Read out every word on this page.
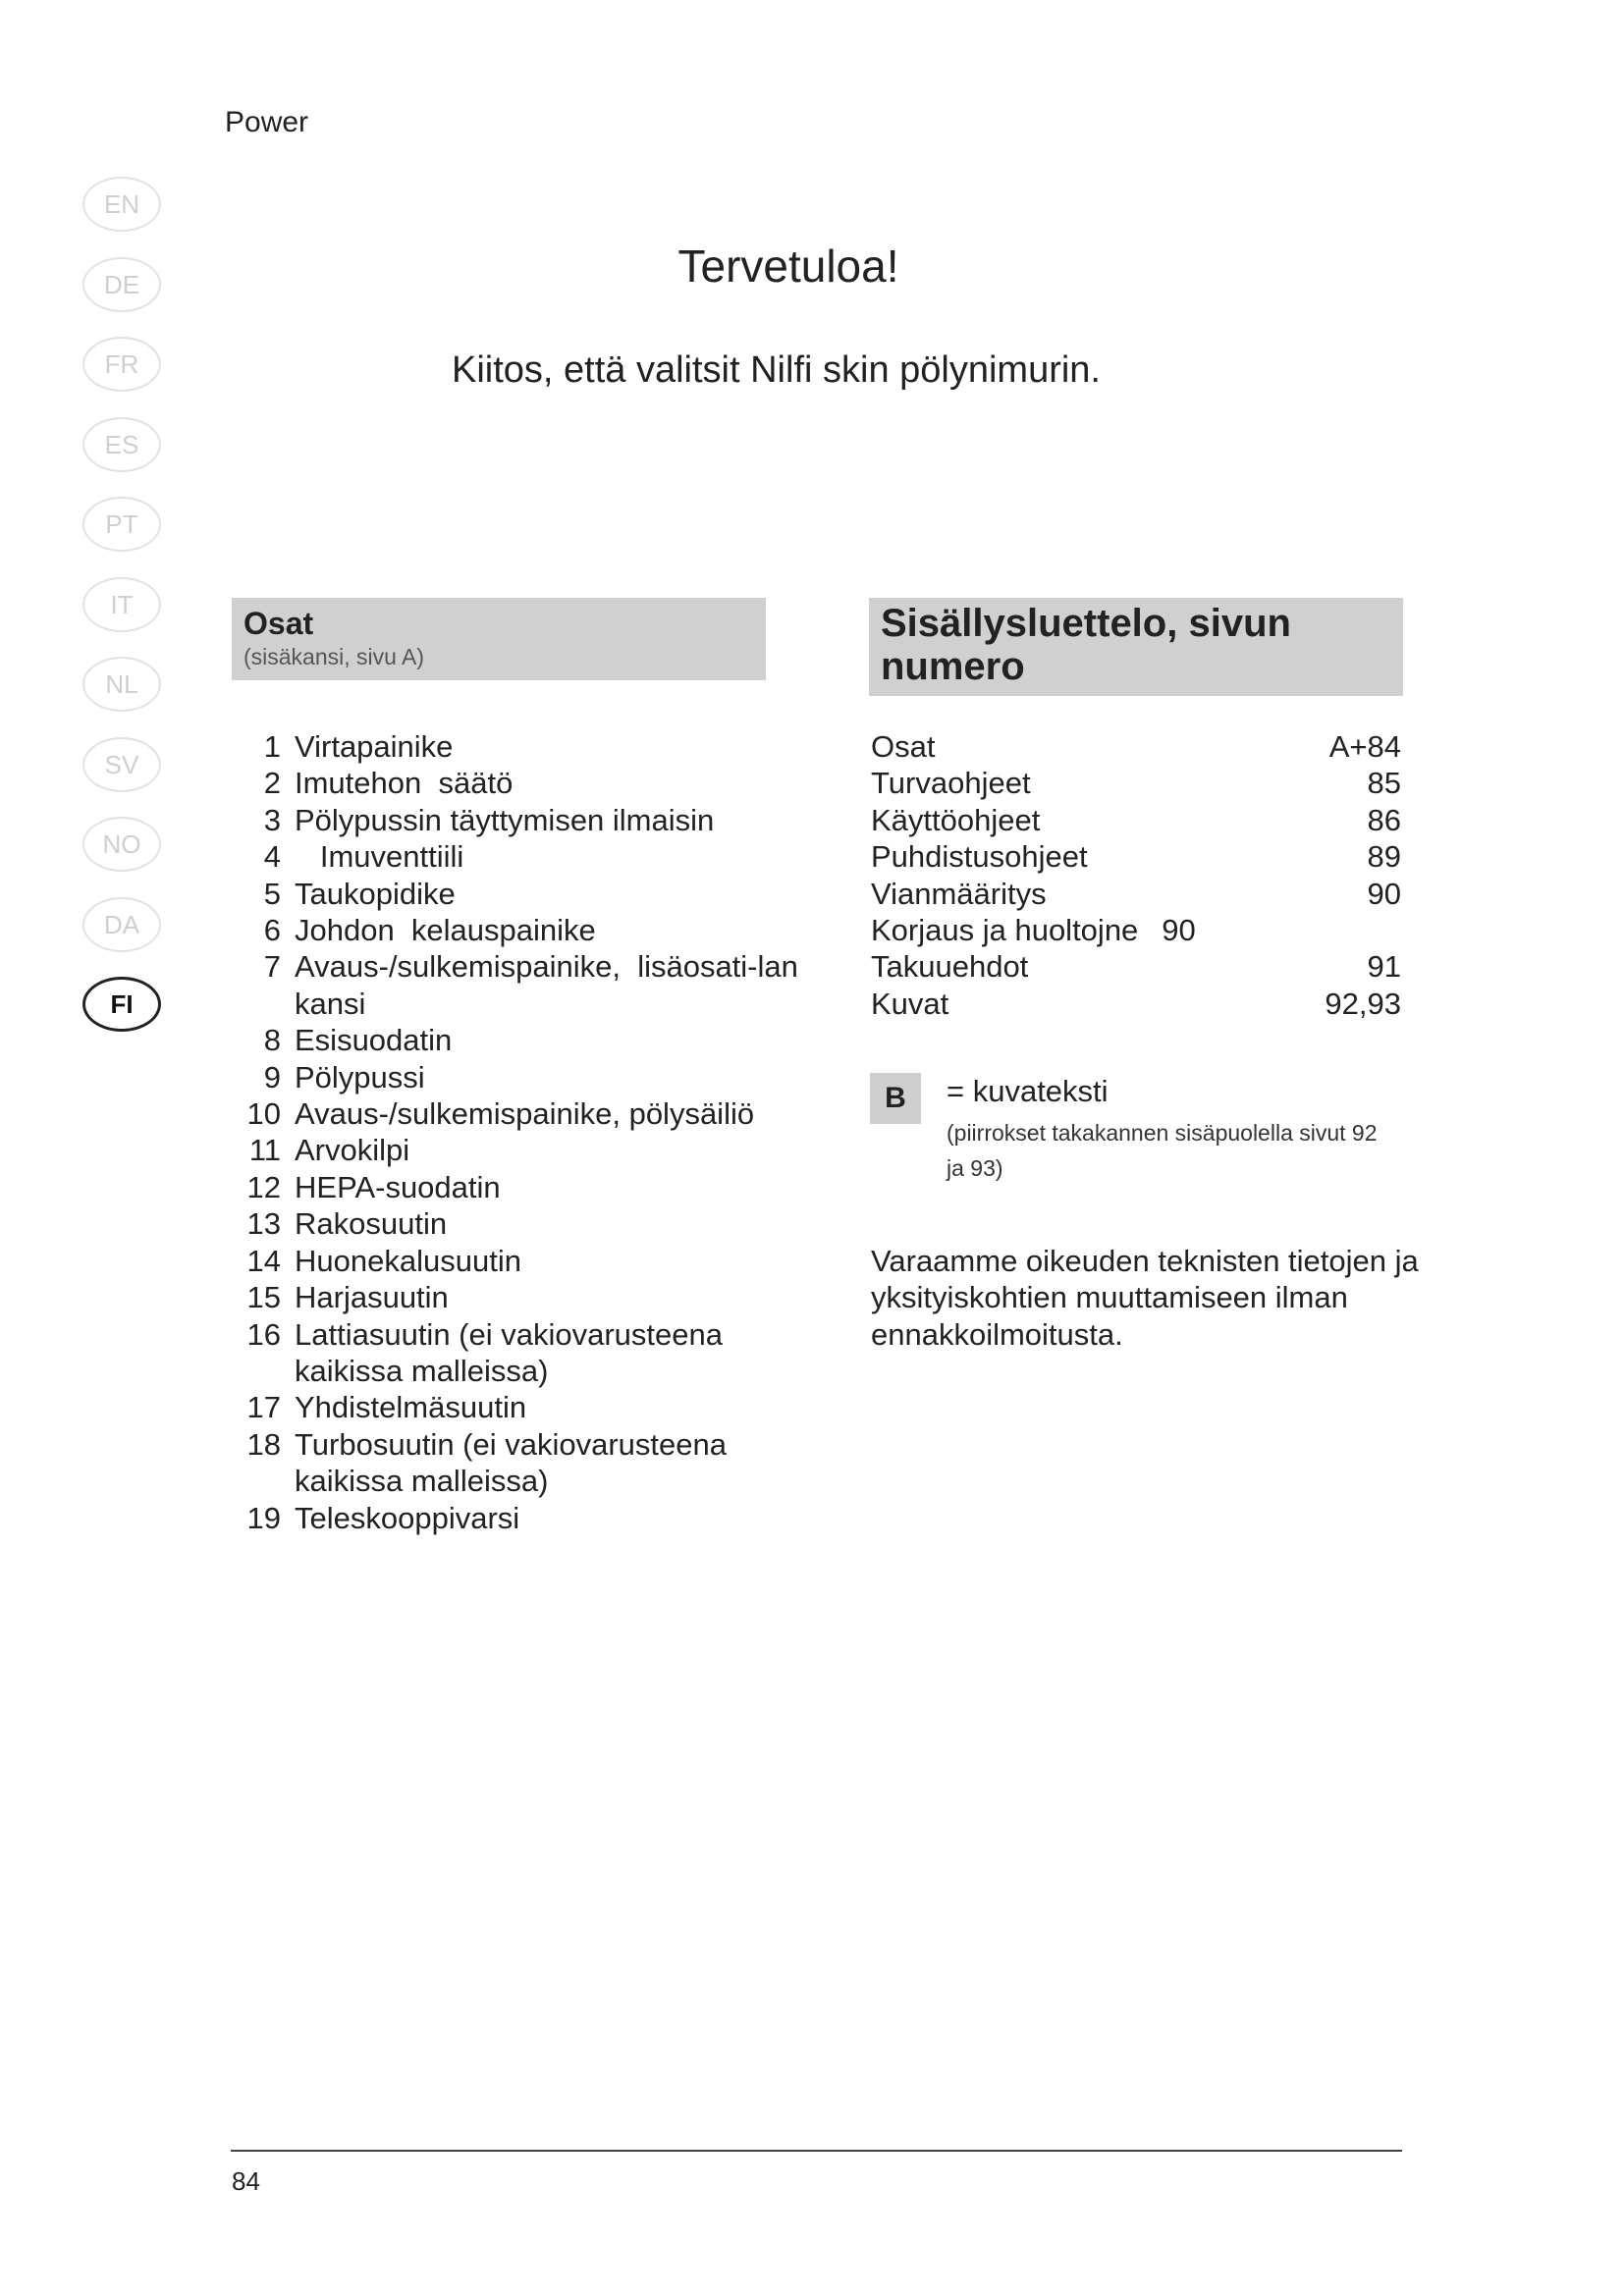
Power
EN
DE
FR
ES
PT
IT
NL
SV
NO
DA
FI
Tervetuloa!
Kiitos, että valitsit Nilfi skin pölynimurin.
Osat
(sisäkansi, sivu A)
1 Virtapainike
2 Imutehon  säätö
3 Pölypussin täyttymisen ilmaisin
4 Imuventtiili
5 Taukopidike
6 Johdon  kelauspainike
7 Avaus-/sulkemispainike,  lisäosati-lan kansi
8 Esisuodatin
9 Pölypussi
10 Avaus-/sulkemispainike, pölysäiliö
11 Arvokilpi
12 HEPA-suodatin
13 Rakosuutin
14 Huonekalusuutin
15 Harjasuutin
16 Lattiasuutin (ei vakiovarusteena kaikissa malleissa)
17 Yhdistelmäsuutin
18 Turbosuutin (ei vakiovarusteena kaikissa malleissa)
19 Teleskooppivarsi
Sisällysluettelo, sivun numero
Osat	A+84
Turvaohjeet	85
Käyttöohjeet	86
Puhdistusohjeet	89
Vianmääritys	90
Korjaus ja huoltojne 90
Takuuehdot	91
Kuvat	92,93
B	= kuvateksti
(piirrokset takakannen sisäpuolella sivut 92 ja 93)
Varaamme oikeuden teknisten tietojen ja yksityiskohtien muuttamiseen ilman ennakkoilmoitusta.
84
